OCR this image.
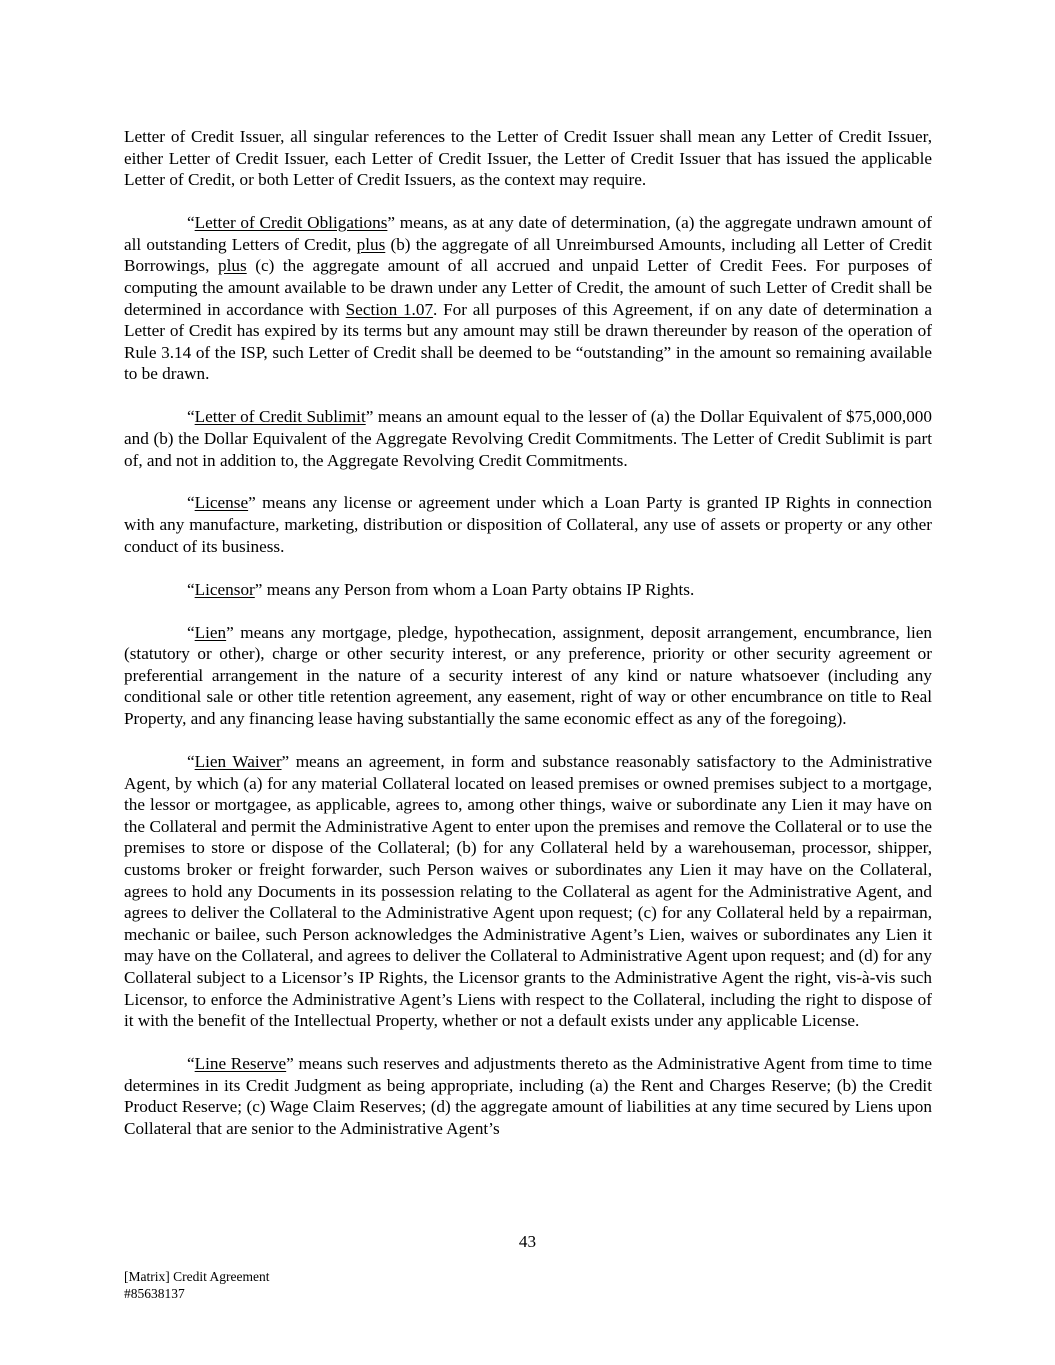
Letter of Credit Issuer, all singular references to the Letter of Credit Issuer shall mean any Letter of Credit Issuer, either Letter of Credit Issuer, each Letter of Credit Issuer, the Letter of Credit Issuer that has issued the applicable Letter of Credit, or both Letter of Credit Issuers, as the context may require.

“Letter of Credit Obligations” means, as at any date of determination, (a) the aggregate undrawn amount of all outstanding Letters of Credit, plus (b) the aggregate of all Unreimbursed Amounts, including all Letter of Credit Borrowings, plus (c) the aggregate amount of all accrued and unpaid Letter of Credit Fees. For purposes of computing the amount available to be drawn under any Letter of Credit, the amount of such Letter of Credit shall be determined in accordance with Section 1.07. For all purposes of this Agreement, if on any date of determination a Letter of Credit has expired by its terms but any amount may still be drawn thereunder by reason of the operation of Rule 3.14 of the ISP, such Letter of Credit shall be deemed to be “outstanding” in the amount so remaining available to be drawn.

“Letter of Credit Sublimit” means an amount equal to the lesser of (a) the Dollar Equivalent of $75,000,000 and (b) the Dollar Equivalent of the Aggregate Revolving Credit Commitments. The Letter of Credit Sublimit is part of, and not in addition to, the Aggregate Revolving Credit Commitments.

“License” means any license or agreement under which a Loan Party is granted IP Rights in connection with any manufacture, marketing, distribution or disposition of Collateral, any use of assets or property or any other conduct of its business.

“Licensor” means any Person from whom a Loan Party obtains IP Rights.

“Lien” means any mortgage, pledge, hypothecation, assignment, deposit arrangement, encumbrance, lien (statutory or other), charge or other security interest, or any preference, priority or other security agreement or preferential arrangement in the nature of a security interest of any kind or nature whatsoever (including any conditional sale or other title retention agreement, any easement, right of way or other encumbrance on title to Real Property, and any financing lease having substantially the same economic effect as any of the foregoing).

“Lien Waiver” means an agreement, in form and substance reasonably satisfactory to the Administrative Agent, by which (a) for any material Collateral located on leased premises or owned premises subject to a mortgage, the lessor or mortgagee, as applicable, agrees to, among other things, waive or subordinate any Lien it may have on the Collateral and permit the Administrative Agent to enter upon the premises and remove the Collateral or to use the premises to store or dispose of the Collateral; (b) for any Collateral held by a warehouseman, processor, shipper, customs broker or freight forwarder, such Person waives or subordinates any Lien it may have on the Collateral, agrees to hold any Documents in its possession relating to the Collateral as agent for the Administrative Agent, and agrees to deliver the Collateral to the Administrative Agent upon request; (c) for any Collateral held by a repairman, mechanic or bailee, such Person acknowledges the Administrative Agent’s Lien, waives or subordinates any Lien it may have on the Collateral, and agrees to deliver the Collateral to Administrative Agent upon request; and (d) for any Collateral subject to a Licensor’s IP Rights, the Licensor grants to the Administrative Agent the right, vis-à-vis such Licensor, to enforce the Administrative Agent’s Liens with respect to the Collateral, including the right to dispose of it with the benefit of the Intellectual Property, whether or not a default exists under any applicable License.

“Line Reserve” means such reserves and adjustments thereto as the Administrative Agent from time to time determines in its Credit Judgment as being appropriate, including (a) the Rent and Charges Reserve; (b) the Credit Product Reserve; (c) Wage Claim Reserves; (d) the aggregate amount of liabilities at any time secured by Liens upon Collateral that are senior to the Administrative Agent’s

43
[Matrix] Credit Agreement
#85638137
